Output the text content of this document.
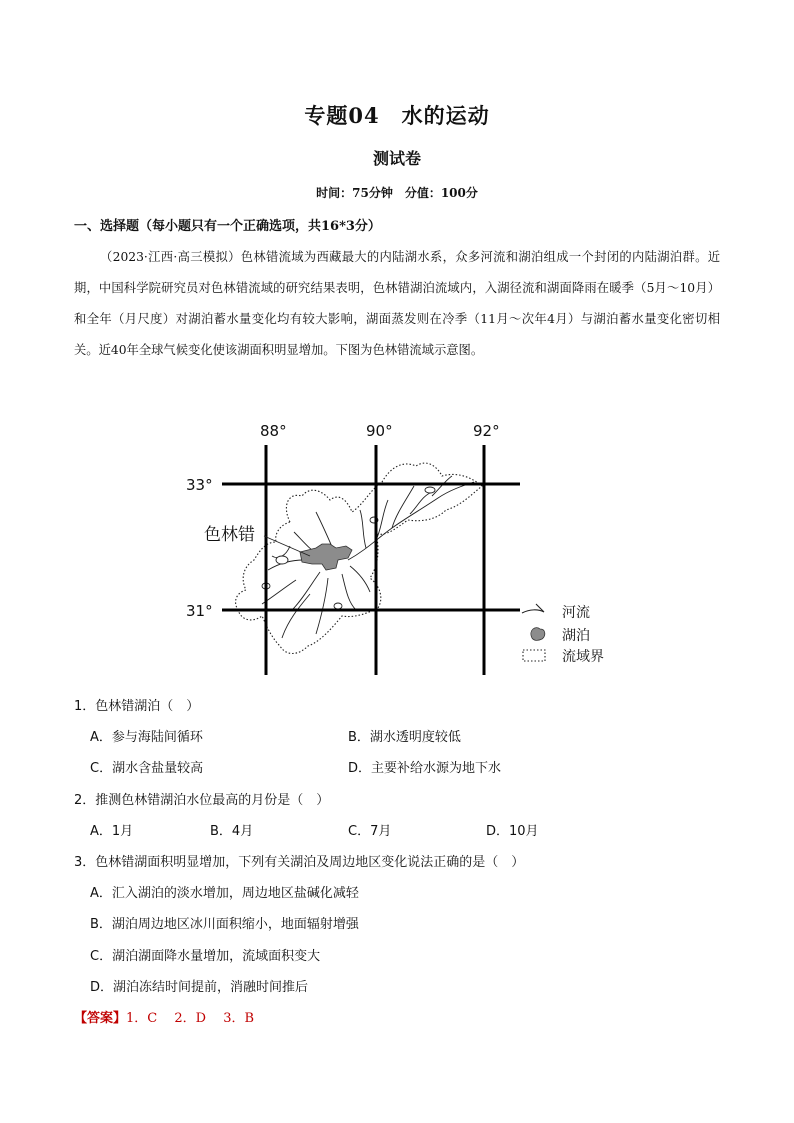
专题04　水的运动
测试卷
时间：75分钟　分值：100分
一、选择题（每小题只有一个正确选项，共16*3分）
（2023·江西·高三模拟）色林错流域为西藏最大的内陆湖水系，众多河流和湖泊组成一个封闭的内陆湖泊群。近期，中国科学院研究员对色林错流域的研究结果表明，色林错湖泊流域内，入湖径流和湖面降雨在暖季（5月～10月）和全年（月尺度）对湖泊蓄水量变化均有较大影响，湖面蒸发则在冷季（11月～次年4月）与湖泊蓄水量变化密切相关。近40年全球气候变化使该湖面积明显增加。下图为色林错流域示意图。
88°	90°	92°
33°
31°
色林错
河流
湖泊
流域界
1．色林错湖泊（　）
A．参与海陆间循环	B．湖水透明度较低
C．湖水含盐量较高	D．主要补给水源为地下水
2．推测色林错湖泊水位最高的月份是（　）
A．1月	B．4月	C．7月	D．10月
3．色林错湖面积明显增加，下列有关湖泊及周边地区变化说法正确的是（　）
A．汇入湖泊的淡水增加，周边地区盐碱化减轻
B．湖泊周边地区冰川面积缩小，地面辐射增强
C．湖泊湖面降水量增加，流域面积变大
D．湖泊冻结时间提前，消融时间推后
【答案】1．C　 2．D　 3．B
